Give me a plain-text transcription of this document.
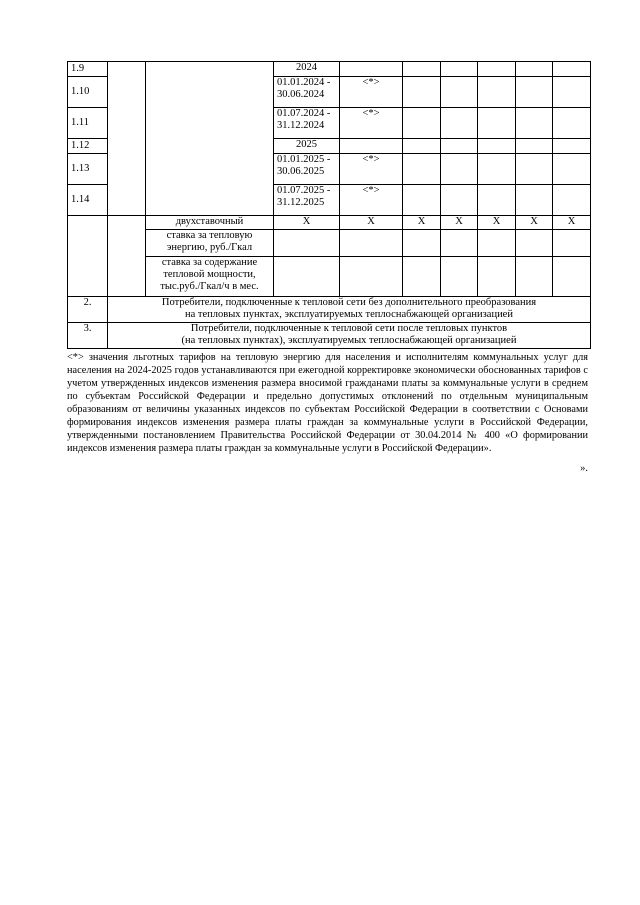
1.9			2024						
1.10			01.01.2024 - 30.06.2024	<*>					
1.11			01.07.2024 - 31.12.2024	<*>					
1.12			2025						
1.13			01.01.2025 - 30.06.2025	<*>					
1.14			01.07.2025 - 31.12.2025	<*>					
		двухставочный	X	X	X	X	X	X	X
		ставка за тепловую энергию, руб./Гкал							
		ставка за содержание тепловой мощности, тыс.руб./Гкал/ч в мес.							
2.	Потребители, подключенные к тепловой сети без дополнительного преобразования
на тепловых пунктах, эксплуатируемых теплоснабжающей организацией								

3.	Потребители, подключенные к тепловой сети после тепловых пунктов
(на тепловых пунктах), эксплуатируемых теплоснабжающей организацией								
<*> значения льготных тарифов на тепловую энергию для населения и исполнителям коммунальных услуг для населения на 2024-2025 годов устанавливаются при ежегодной корректировке экономически обоснованных тарифов с учетом утвержденных индексов изменения размера вносимой гражданами платы за коммунальные услуги в среднем по субъектам Российской Федерации и предельно допустимых отклонений по отдельным муниципальным образованиям от величины указанных индексов по субъектам Российской Федерации в соответствии с Основами формирования индексов изменения размера платы граждан за коммунальные услуги в Российской Федерации, утвержденными постановлением Правительства Российской Федерации от 30.04.2014 № 400 «О формировании индексов изменения размера платы граждан за коммунальные услуги в Российской Федерации».
».
